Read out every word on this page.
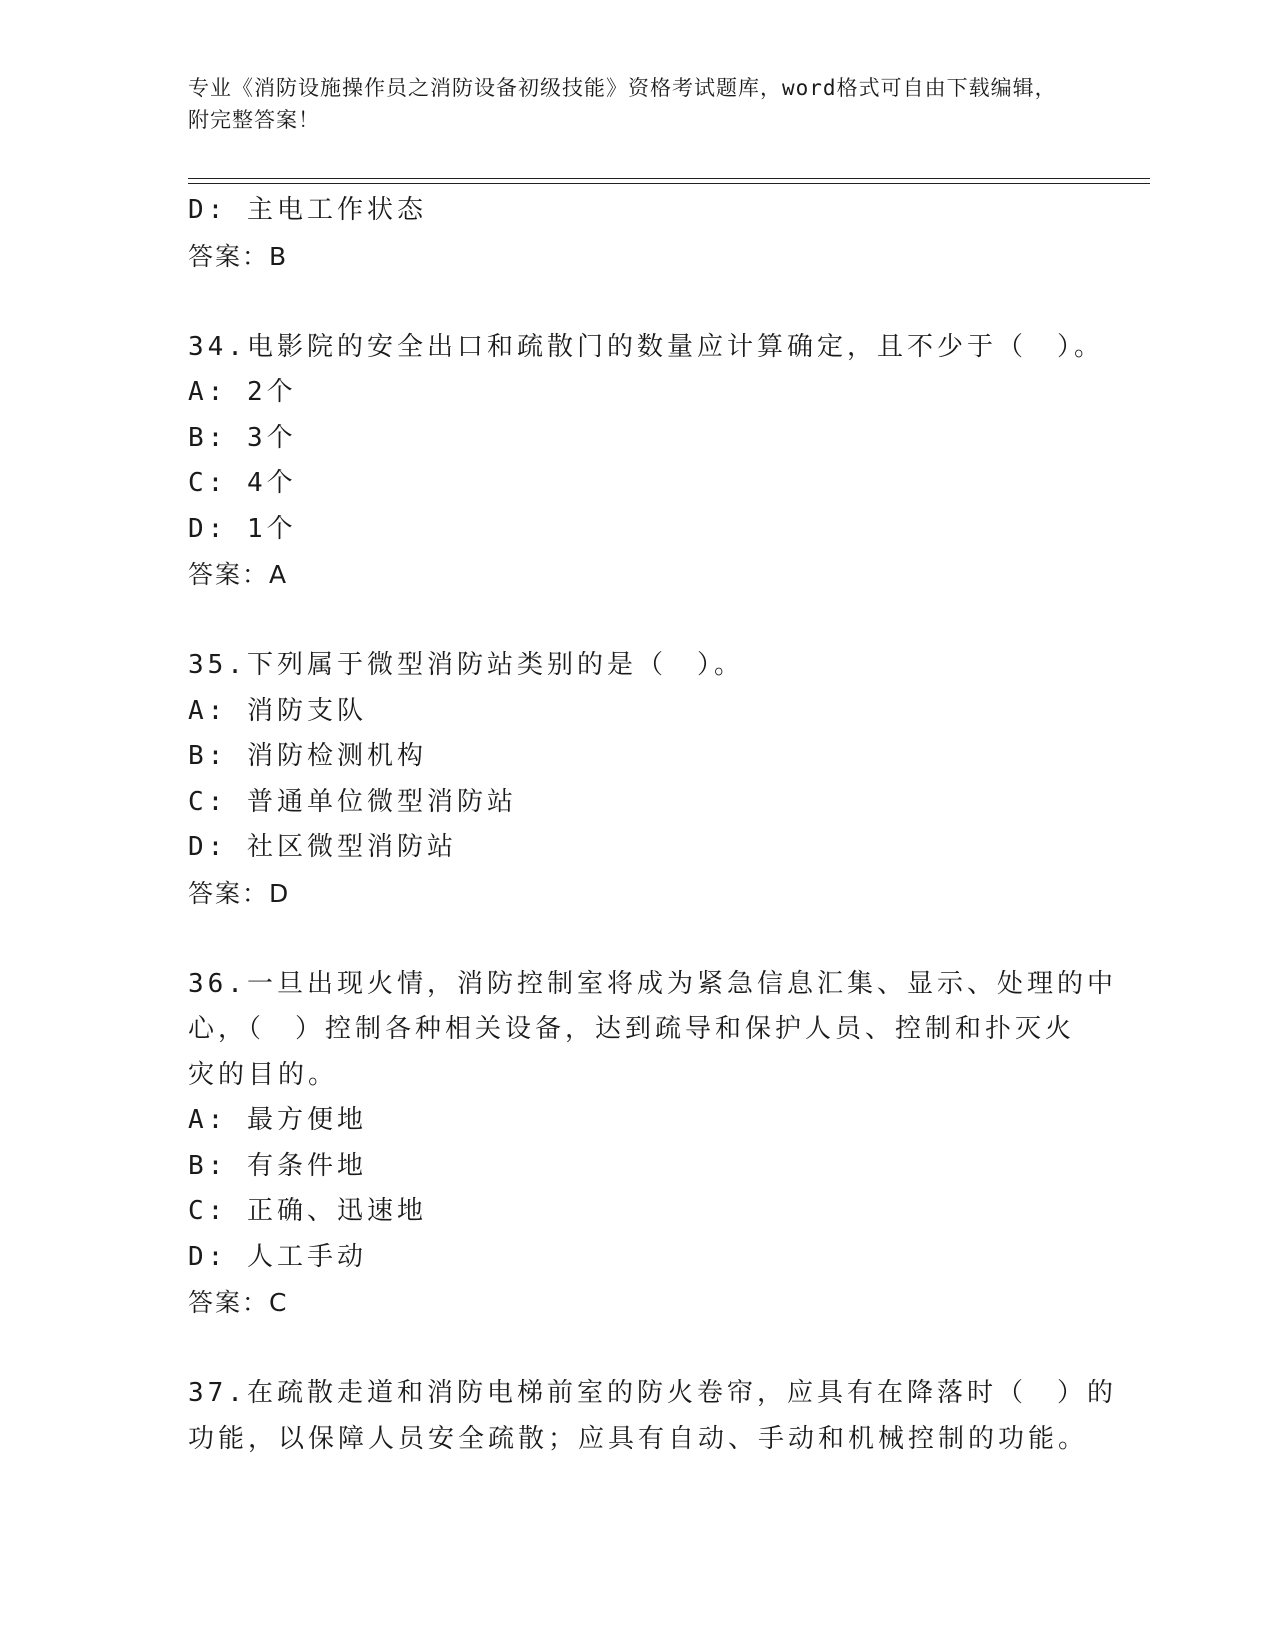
专业《消防设施操作员之消防设备初级技能》资格考试题库，word格式可自由下载编辑，附完整答案！
D: 主电工作状态
答案：B
34.电影院的安全出口和疏散门的数量应计算确定，且不少于（　）。
A: 2个
B: 3个
C: 4个
D: 1个
答案：A
35.下列属于微型消防站类别的是（　）。
A: 消防支队
B: 消防检测机构
C: 普通单位微型消防站
D: 社区微型消防站
答案：D
36.一旦出现火情，消防控制室将成为紧急信息汇集、显示、处理的中
心，（　）控制各种相关设备，达到疏导和保护人员、控制和扑灭火
灾的目的。
A: 最方便地
B: 有条件地
C: 正确、迅速地
D: 人工手动
答案：C
37.在疏散走道和消防电梯前室的防火卷帘，应具有在降落时（　）的
功能，以保障人员安全疏散；应具有自动、手动和机械控制的功能。
